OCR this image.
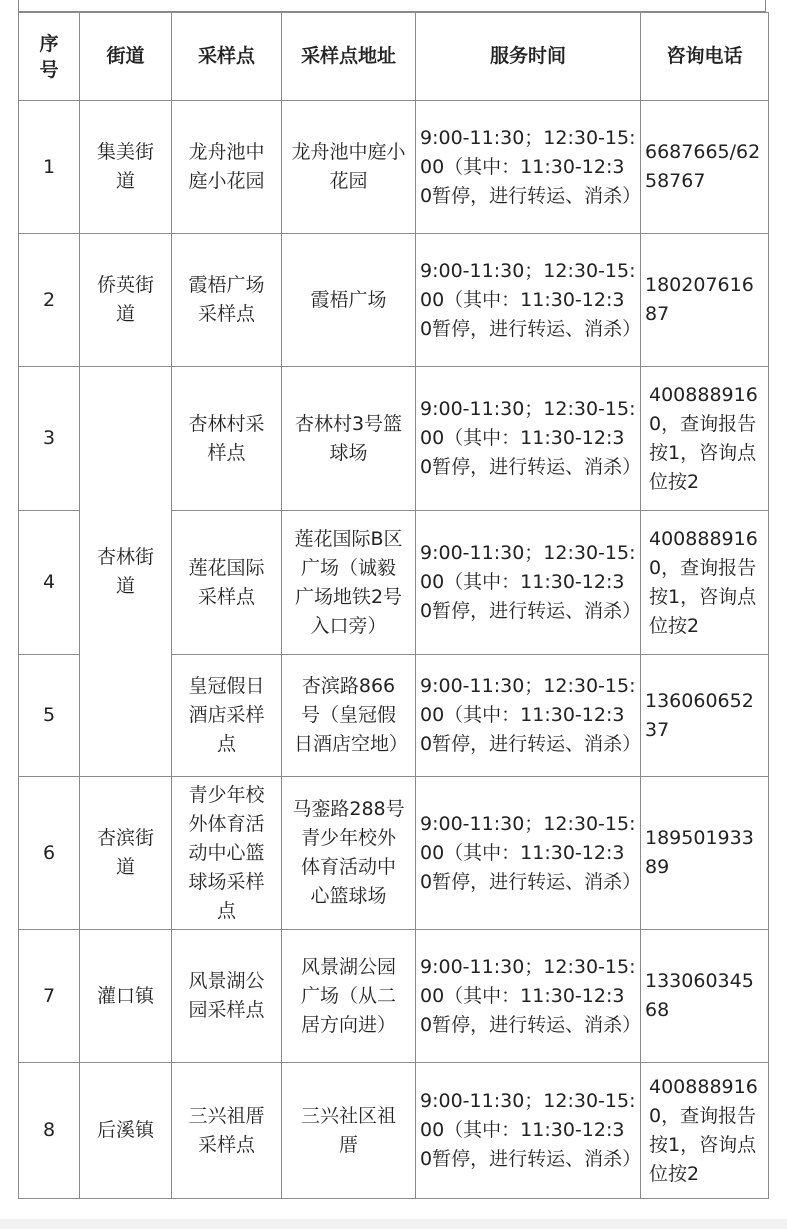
序号	街道	采样点	采样点地址	服务时间	咨询电话
1	集美街道	龙舟池中庭小花园	龙舟池中庭小花园	9:00-11:30；12:30-15:00（其中：11:30-12:30暂停，进行转运、消杀）	6687665/6258767
2	侨英街道	霞梧广场采样点	霞梧广场	9:00-11:30；12:30-15:00（其中：11:30-12:30暂停，进行转运、消杀）	18020761687
3	杏林街道	杏林村采样点	杏林村3号篮球场	9:00-11:30；12:30-15:00（其中：11:30-12:30暂停，进行转运、消杀）	4008889160，查询报告按1，咨询点位按2
4		莲花国际采样点	莲花国际B区广场（诚毅广场地铁2号入口旁）	9:00-11:30；12:30-15:00（其中：11:30-12:30暂停，进行转运、消杀）	4008889160，查询报告按1，咨询点位按2
5		皇冠假日酒店采样点	杏滨路866号（皇冠假日酒店空地）	9:00-11:30；12:30-15:00（其中：11:30-12:30暂停，进行转运、消杀）	13606065237
6	杏滨街道	青少年校外体育活动中心篮球场采样点	马銮路288号青少年校外体育活动中心篮球场	9:00-11:30；12:30-15:00（其中：11:30-12:30暂停，进行转运、消杀）	18950193389
7	灌口镇	风景湖公园采样点	风景湖公园广场（从二居方向进）	9:00-11:30；12:30-15:00（其中：11:30-12:30暂停，进行转运、消杀）	13306034568
8	后溪镇	三兴祖厝采样点	三兴社区祖厝	9:00-11:30；12:30-15:00（其中：11:30-12:30暂停，进行转运、消杀）	4008889160，查询报告按1，咨询点位按2
